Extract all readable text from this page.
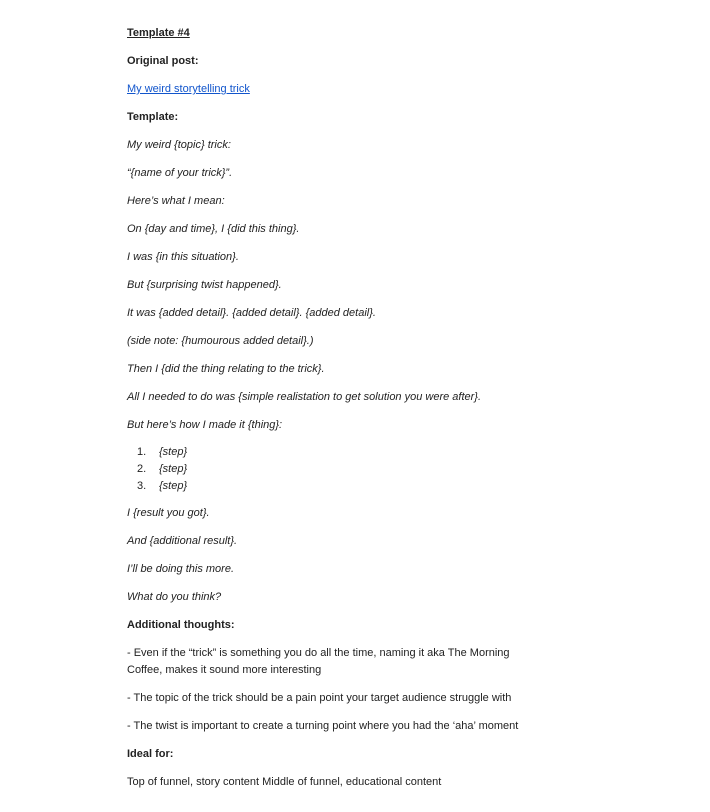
Template #4
Original post:
My weird storytelling trick
Template:
My weird {topic} trick:
“{name of your trick}”.
Here’s what I mean:
On {day and time}, I {did this thing}.
I was {in this situation}.
But {surprising twist happened}.
It was {added detail}. {added detail}. {added detail}.
(side note: {humourous added detail}.)
Then I {did the thing relating to the trick}.
All I needed to do was {simple realistation to get solution you were after}.
But here’s how I made it {thing}:
1.	{step}
2.	{step}
3.	{step}
I {result you got}.
And {additional result}.
I’ll be doing this more.
What do you think?
Additional thoughts:
- Even if the “trick” is something you do all the time, naming it aka The Morning Coffee, makes it sound more interesting
- The topic of the trick should be a pain point your target audience struggle with
- The twist is important to create a turning point where you had the ‘aha’ moment
Ideal for:
Top of funnel, story content Middle of funnel, educational content
